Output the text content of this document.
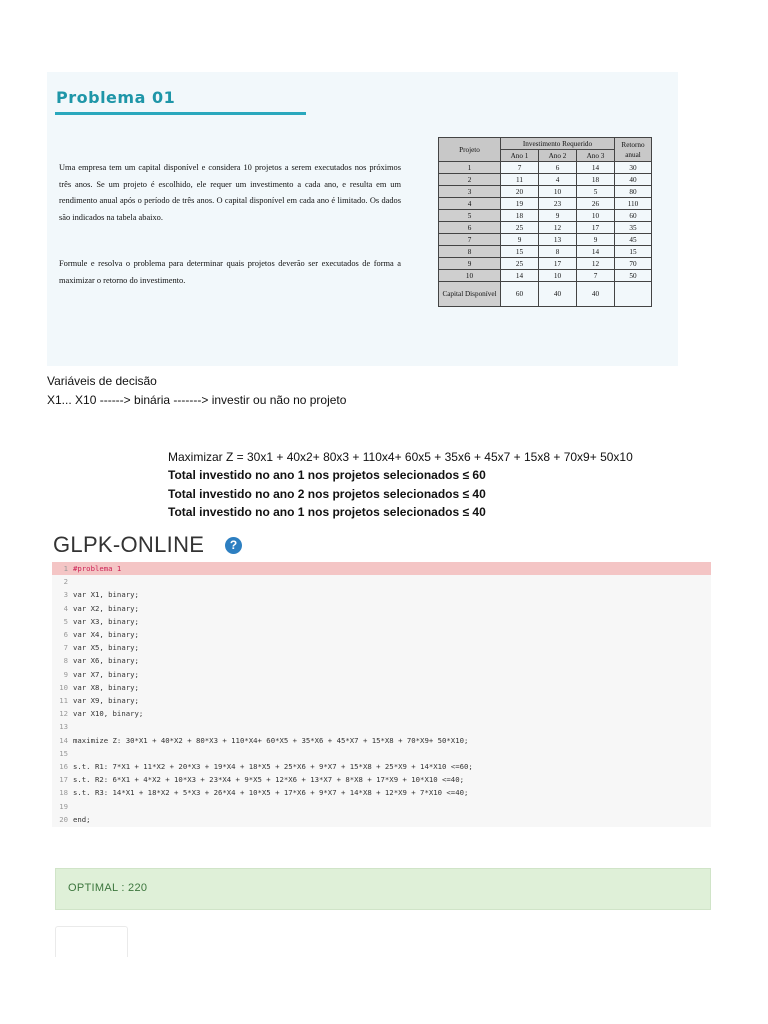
Problema 01

Uma empresa tem um capital disponível e considera 10 projetos a serem executados nos próximos três anos. Se um projeto é escolhido, ele requer um investimento a cada ano, e resulta em um rendimento anual após o período de três anos. O capital disponível em cada ano é limitado. Os dados são indicados na tabela abaixo.

Formule e resolva o problema para determinar quais projetos deverão ser executados de forma a maximizar o retorno do investimento.

Projeto	Investimento Requerido			Retorno anual
	Ano 1	Ano 2	Ano 3	
1	7	6	14	30
2	11	4	18	40
3	20	10	5	80
4	19	23	26	110
5	18	9	10	60
6	25	12	17	35
7	9	13	9	45
8	15	8	14	15
9	25	17	12	70
10	14	10	7	50
Capital Disponível	60	40	40	
Variáveis de decisão
X1... X10 ------> binária -------> investir ou não no projeto
Maximizar Z = 30x1 + 40x2+ 80x3 + 110x4+ 60x5 + 35x6 + 45x7 + 15x8 + 70x9+ 50x10
Total investido no ano 1 nos projetos selecionados ≤ 60
Total investido no ano 2 nos projetos selecionados ≤ 40
Total investido no ano 1 nos projetos selecionados ≤ 40
GLPK-ONLINE	?
1 #problema 1
2
3 var X1, binary;
4 var X2, binary;
5 var X3, binary;
6 var X4, binary;
7 var X5, binary;
8 var X6, binary;
9 var X7, binary;
10 var X8, binary;
11 var X9, binary;
12 var X10, binary;
13
14 maximize Z: 30*X1 + 40*X2 + 80*X3 + 110*X4+ 60*X5 + 35*X6 + 45*X7 + 15*X8 + 70*X9+ 50*X10;
15
16 s.t. R1: 7*X1 + 11*X2 + 20*X3 + 19*X4 + 18*X5 + 25*X6 + 9*X7 + 15*X8 + 25*X9 + 14*X10 <=60;
17 s.t. R2: 6*X1 + 4*X2 + 10*X3 + 23*X4 + 9*X5 + 12*X6 + 13*X7 + 8*X8 + 17*X9 + 10*X10 <=40;
18 s.t. R3: 14*X1 + 18*X2 + 5*X3 + 26*X4 + 10*X5 + 17*X6 + 9*X7 + 14*X8 + 12*X9 + 7*X10 <=40;
19
20 end;
OPTIMAL : 220
